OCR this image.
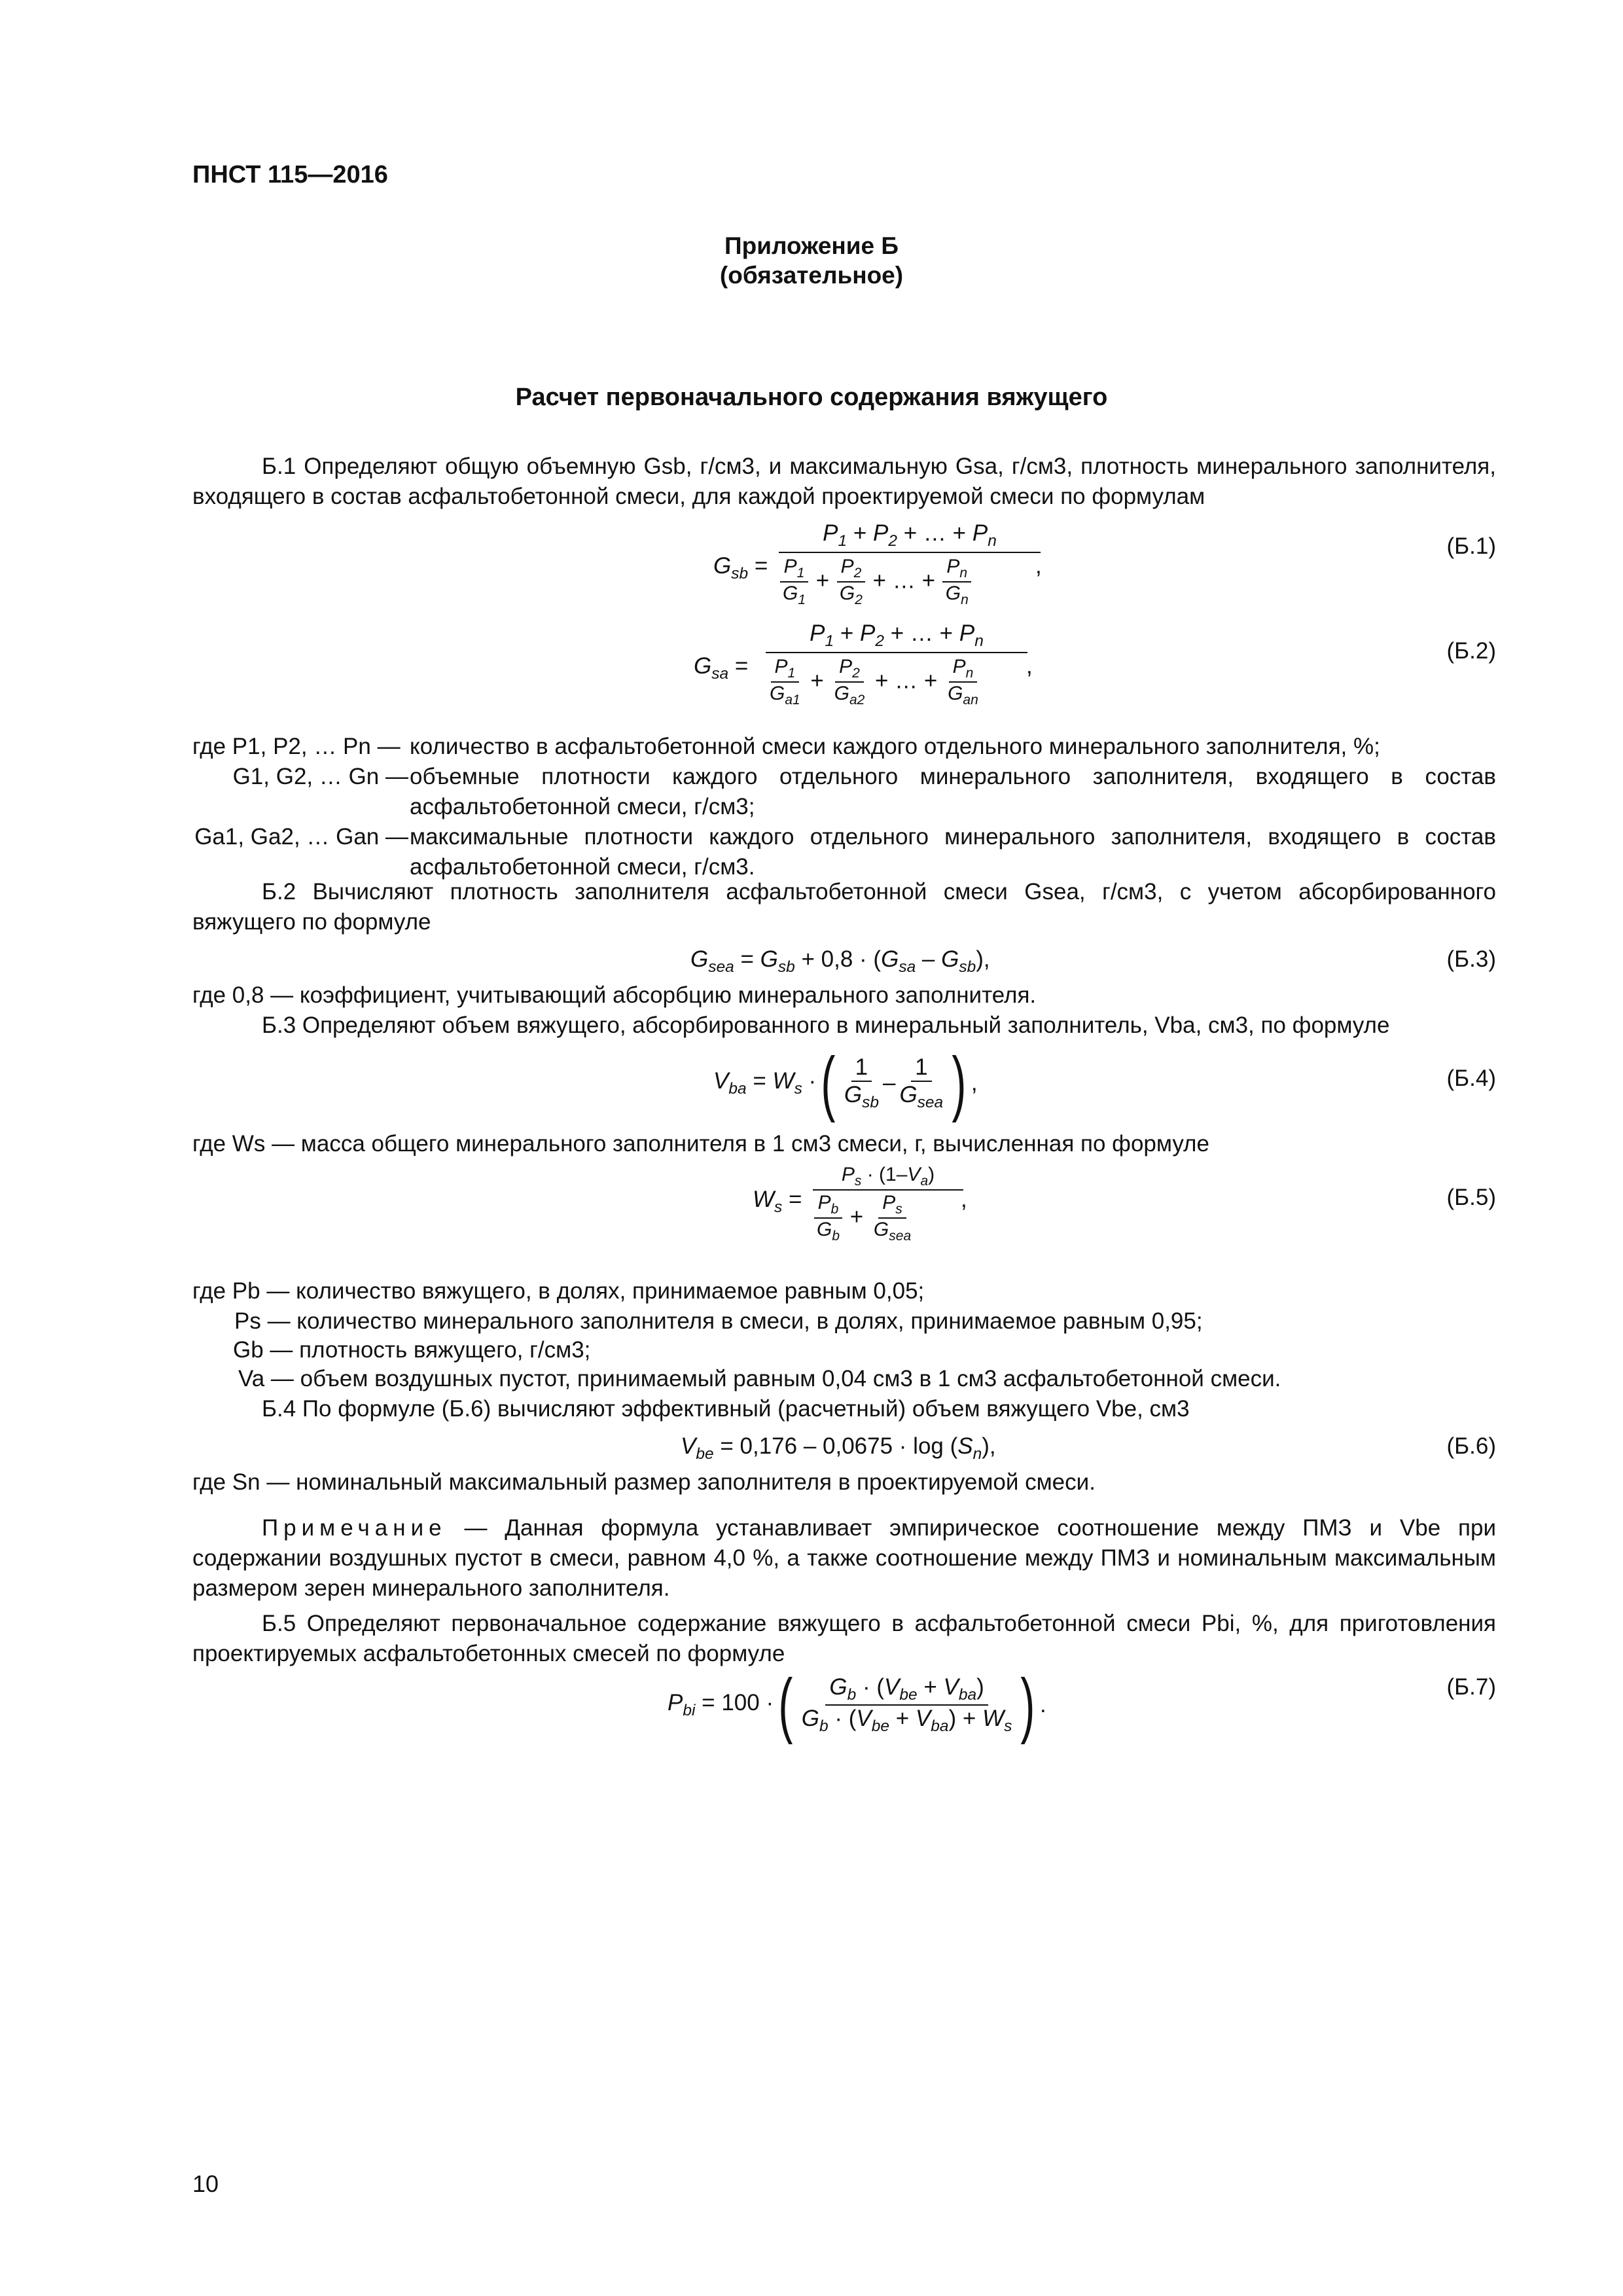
ПНСТ 115—2016
Приложение Б
(обязательное)
Расчет первоначального содержания вяжущего
Б.1 Определяют общую объемную Gsb, г/см3, и максимальную Gsa, г/см3, плотность минерального заполнителя, входящего в состав асфальтобетонной смеси, для каждой проектируемой смеси по формулам
$G_{sb}$ =
$P_1 + P_2$ + … + $P_n$
$\frac{P_1}{G_1} + \frac{P_2}{G_2}$ + … + $\frac{P_n}{G_n}$	,
(Б.1)
$G_{sa}$ =
$P_1 + P_2$ + … + $P_n$
$\frac{P_1}{G_{a1}} + \frac{P_2}{G_{a2}}$ + … + $\frac{P_n}{G_{an}}$ ,
(Б.2)
где P1, P2, … Pn — количество в асфальтобетонной смеси каждого отдельного минерального заполнителя, %;
G1, G2, … Gn — объемные плотности каждого отдельного минерального заполнителя, входящего в состав асфальтобетонной смеси, г/см3;
Ga1, Ga2, … Gan — максимальные плотности каждого отдельного минерального заполнителя, входящего в состав асфальтобетонной смеси, г/см3.
Б.2 Вычисляют плотность заполнителя асфальтобетонной смеси Gsea, г/см3, с учетом абсорбированного вяжущего по формуле
$G_{sea} = G_{sb} + 0,8 \cdot (G_{sa} - G_{sb})$,	(Б.3)
где 0,8 — коэффициент, учитывающий абсорбцию минерального заполнителя.
Б.3 Определяют объем вяжущего, абсорбированного в минеральный заполнитель, Vba, см3, по формуле
$V_{ba} = W_s$ · ( $\frac{1}{G_{sb}} - \frac{1}{G_{sea}}$ ) ,	(Б.4)
где Ws — масса общего минерального заполнителя в 1 см3 смеси, г, вычисленная по формуле
$W_s$ =
$P_s \cdot (1-V_a)$
$\frac{P_b}{G_b} + \frac{P_s}{G_{sea}}$ ,	(Б.5)
где Pb — количество вяжущего, в долях, принимаемое равным 0,05;
Ps — количество минерального заполнителя в смеси, в долях, принимаемое равным 0,95;
Gb — плотность вяжущего, г/см3;
Va — объем воздушных пустот, принимаемый равным 0,04 см3 в 1 см3 асфальтобетонной смеси.
Б.4 По формуле (Б.6) вычисляют эффективный (расчетный) объем вяжущего Vbe, см3
$V_{be} = 0,176 - 0,0675 \cdot \log (S_n)$,	(Б.6)
где Sn — номинальный максимальный размер заполнителя в проектируемой смеси.
Примечание — Данная формула устанавливает эмпирическое соотношение между ПМЗ и Vbe при содержании воздушных пустот в смеси, равном 4,0 %, а также соотношение между ПМЗ и номинальным максимальным размером зерен минерального заполнителя.
Б.5 Определяют первоначальное содержание вяжущего в асфальтобетонной смеси Pbi, %, для приготовления проектируемых асфальтобетонных смесей по формуле
$P_{bi} = 100$ · ( $\frac{G_b \cdot (V_{be} + V_{ba})}{G_b \cdot (V_{be} + V_{ba}) + W_s}$ ) .
(Б.7)
10
